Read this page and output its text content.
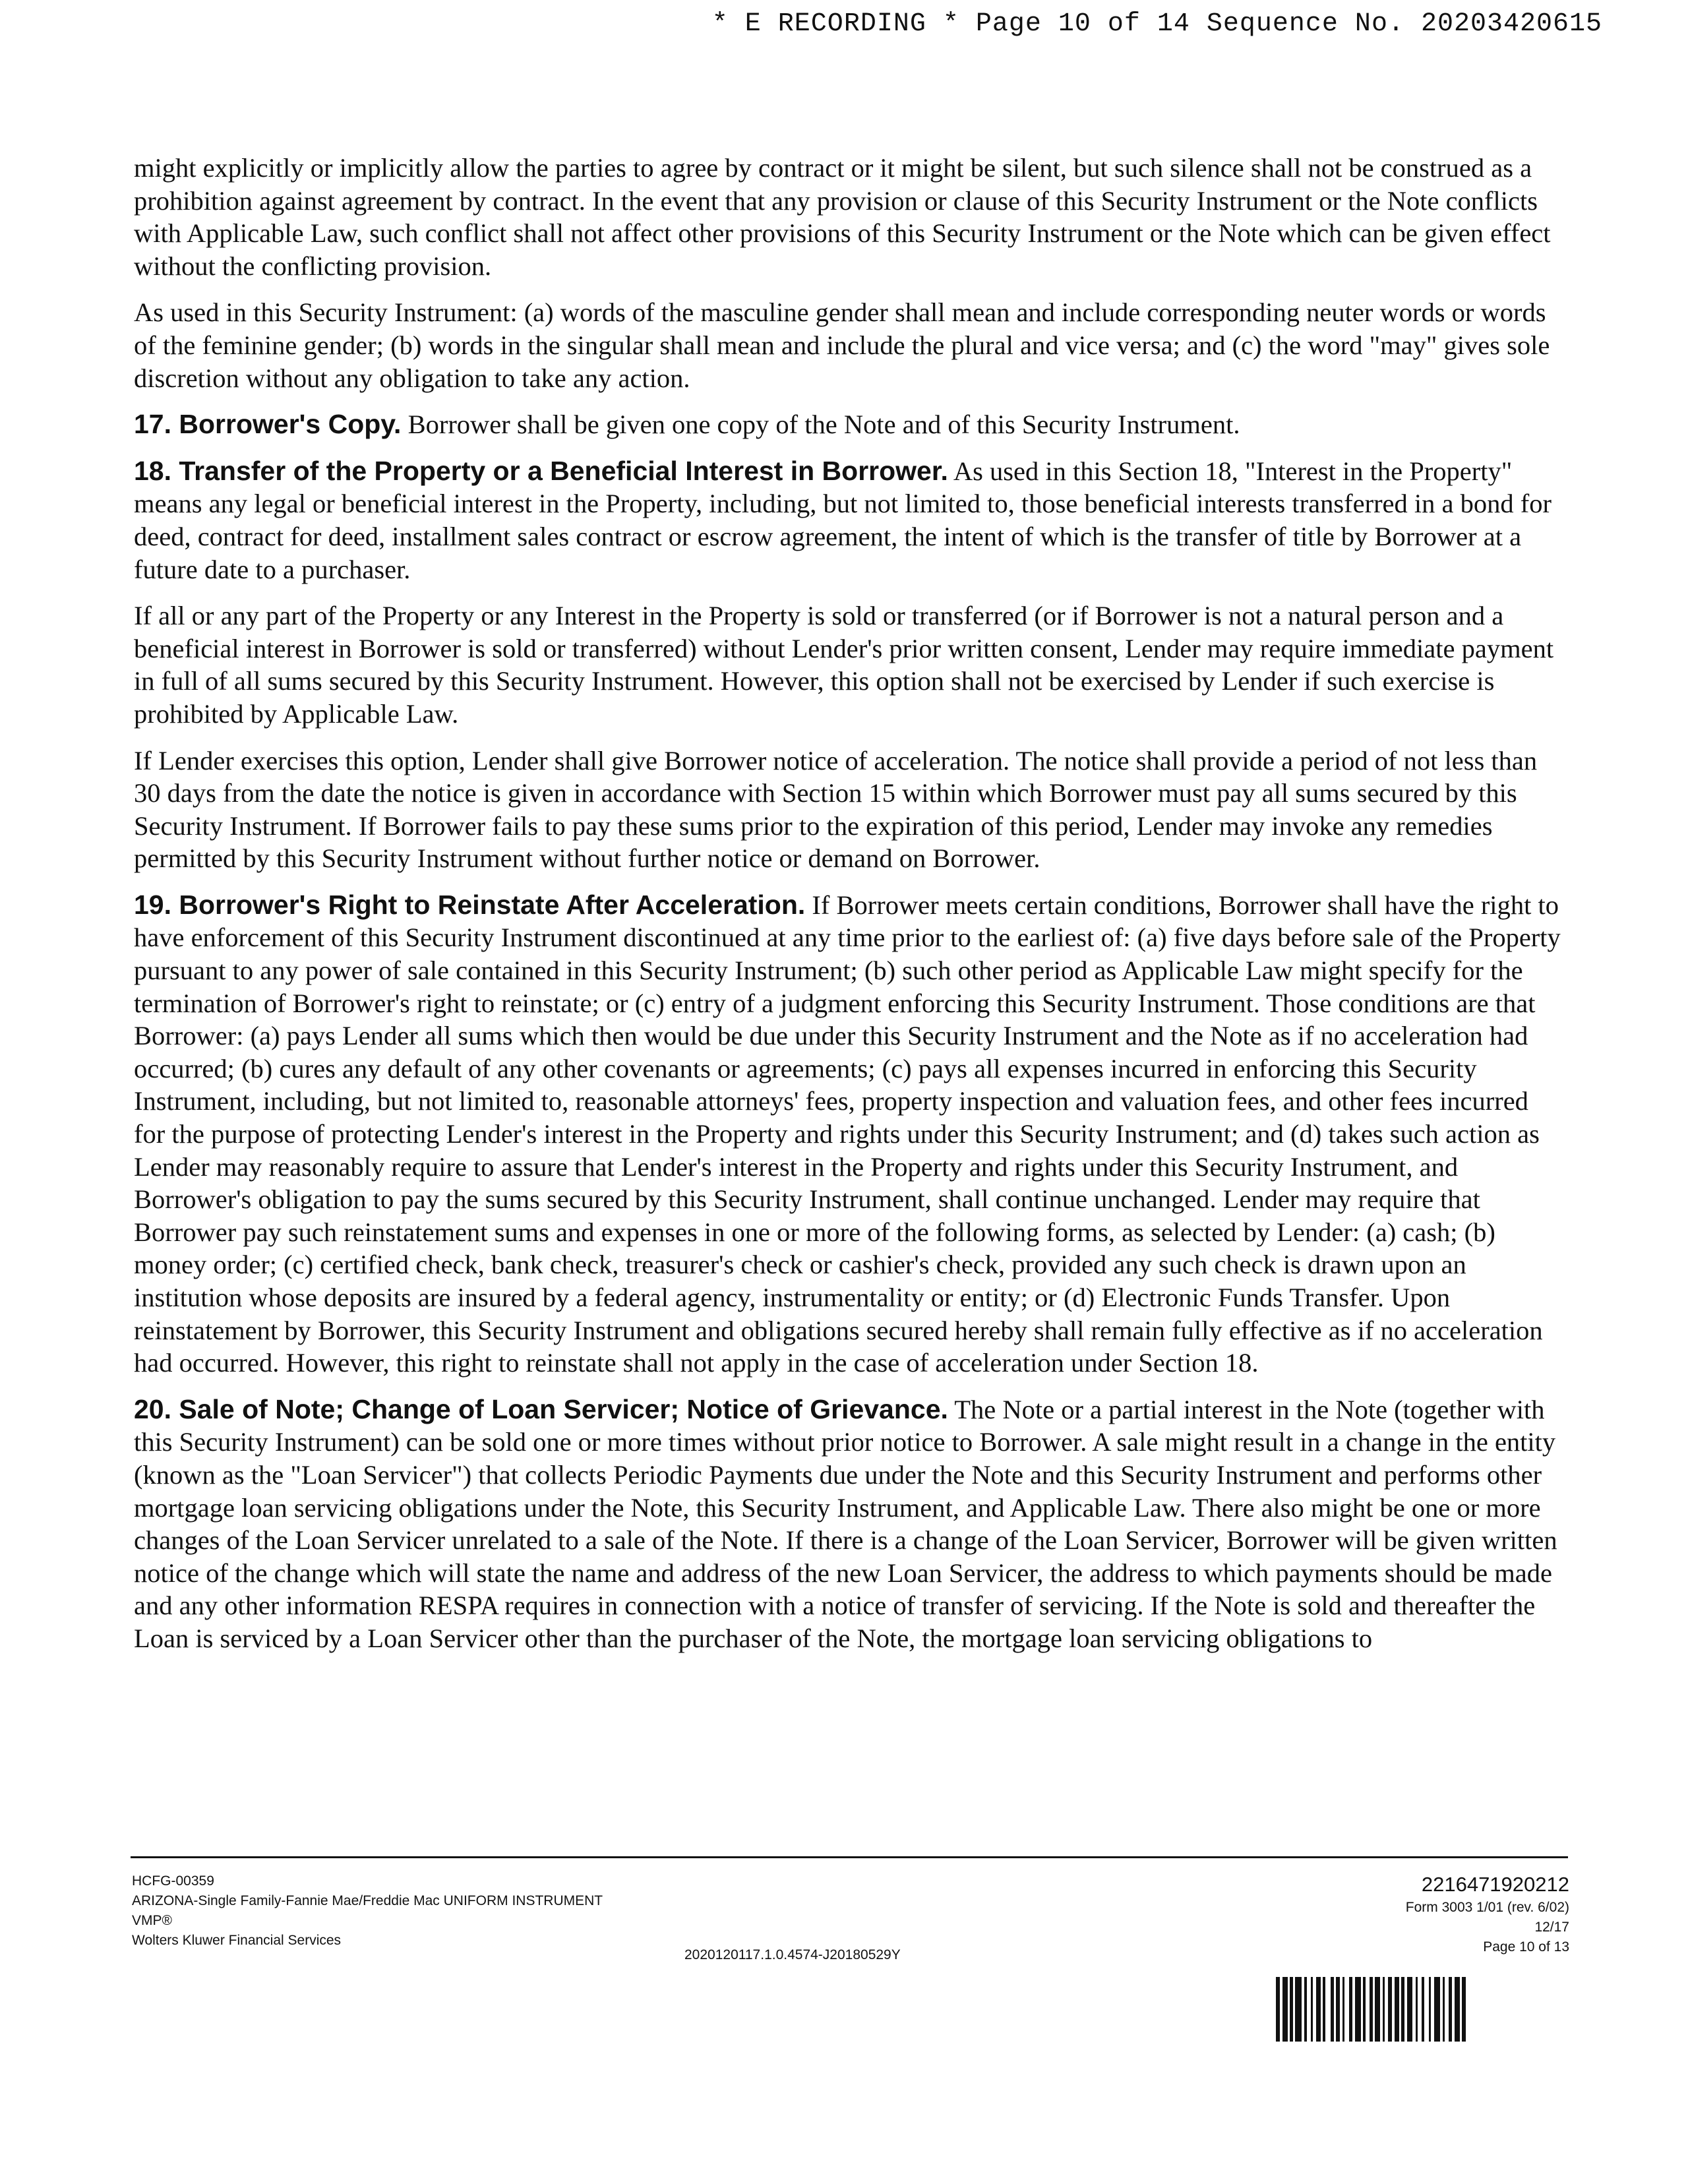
* E RECORDING * Page 10 of 14 Sequence No. 20203420615

might explicitly or implicitly allow the parties to agree by contract or it might be silent, but such silence shall not be construed as a prohibition against agreement by contract. In the event that any provision or clause of this Security Instrument or the Note conflicts with Applicable Law, such conflict shall not affect other provisions of this Security Instrument or the Note which can be given effect without the conflicting provision.

As used in this Security Instrument: (a) words of the masculine gender shall mean and include corresponding neuter words or words of the feminine gender; (b) words in the singular shall mean and include the plural and vice versa; and (c) the word "may" gives sole discretion without any obligation to take any action.

17. Borrower's Copy. Borrower shall be given one copy of the Note and of this Security Instrument.

18. Transfer of the Property or a Beneficial Interest in Borrower. As used in this Section 18, "Interest in the Property" means any legal or beneficial interest in the Property, including, but not limited to, those beneficial interests transferred in a bond for deed, contract for deed, installment sales contract or escrow agreement, the intent of which is the transfer of title by Borrower at a future date to a purchaser.

If all or any part of the Property or any Interest in the Property is sold or transferred (or if Borrower is not a natural person and a beneficial interest in Borrower is sold or transferred) without Lender's prior written consent, Lender may require immediate payment in full of all sums secured by this Security Instrument. However, this option shall not be exercised by Lender if such exercise is prohibited by Applicable Law.

If Lender exercises this option, Lender shall give Borrower notice of acceleration. The notice shall provide a period of not less than 30 days from the date the notice is given in accordance with Section 15 within which Borrower must pay all sums secured by this Security Instrument. If Borrower fails to pay these sums prior to the expiration of this period, Lender may invoke any remedies permitted by this Security Instrument without further notice or demand on Borrower.

19. Borrower's Right to Reinstate After Acceleration. If Borrower meets certain conditions, Borrower shall have the right to have enforcement of this Security Instrument discontinued at any time prior to the earliest of: (a) five days before sale of the Property pursuant to any power of sale contained in this Security Instrument; (b) such other period as Applicable Law might specify for the termination of Borrower's right to reinstate; or (c) entry of a judgment enforcing this Security Instrument. Those conditions are that Borrower: (a) pays Lender all sums which then would be due under this Security Instrument and the Note as if no acceleration had occurred; (b) cures any default of any other covenants or agreements; (c) pays all expenses incurred in enforcing this Security Instrument, including, but not limited to, reasonable attorneys' fees, property inspection and valuation fees, and other fees incurred for the purpose of protecting Lender's interest in the Property and rights under this Security Instrument; and (d) takes such action as Lender may reasonably require to assure that Lender's interest in the Property and rights under this Security Instrument, and Borrower's obligation to pay the sums secured by this Security Instrument, shall continue unchanged. Lender may require that Borrower pay such reinstatement sums and expenses in one or more of the following forms, as selected by Lender: (a) cash; (b) money order; (c) certified check, bank check, treasurer's check or cashier's check, provided any such check is drawn upon an institution whose deposits are insured by a federal agency, instrumentality or entity; or (d) Electronic Funds Transfer. Upon reinstatement by Borrower, this Security Instrument and obligations secured hereby shall remain fully effective as if no acceleration had occurred. However, this right to reinstate shall not apply in the case of acceleration under Section 18.

20. Sale of Note; Change of Loan Servicer; Notice of Grievance. The Note or a partial interest in the Note (together with this Security Instrument) can be sold one or more times without prior notice to Borrower. A sale might result in a change in the entity (known as the "Loan Servicer") that collects Periodic Payments due under the Note and this Security Instrument and performs other mortgage loan servicing obligations under the Note, this Security Instrument, and Applicable Law. There also might be one or more changes of the Loan Servicer unrelated to a sale of the Note. If there is a change of the Loan Servicer, Borrower will be given written notice of the change which will state the name and address of the new Loan Servicer, the address to which payments should be made and any other information RESPA requires in connection with a notice of transfer of servicing. If the Note is sold and thereafter the Loan is serviced by a Loan Servicer other than the purchaser of the Note, the mortgage loan servicing obligations to

HCFG-00359
ARIZONA-Single Family-Fannie Mae/Freddie Mac UNIFORM INSTRUMENT
VMP®
Wolters Kluwer Financial Services
2020120117.1.0.4574-J20180529Y
2216471920212
Form 3003 1/01 (rev. 6/02)
12/17
Page 10 of 13
